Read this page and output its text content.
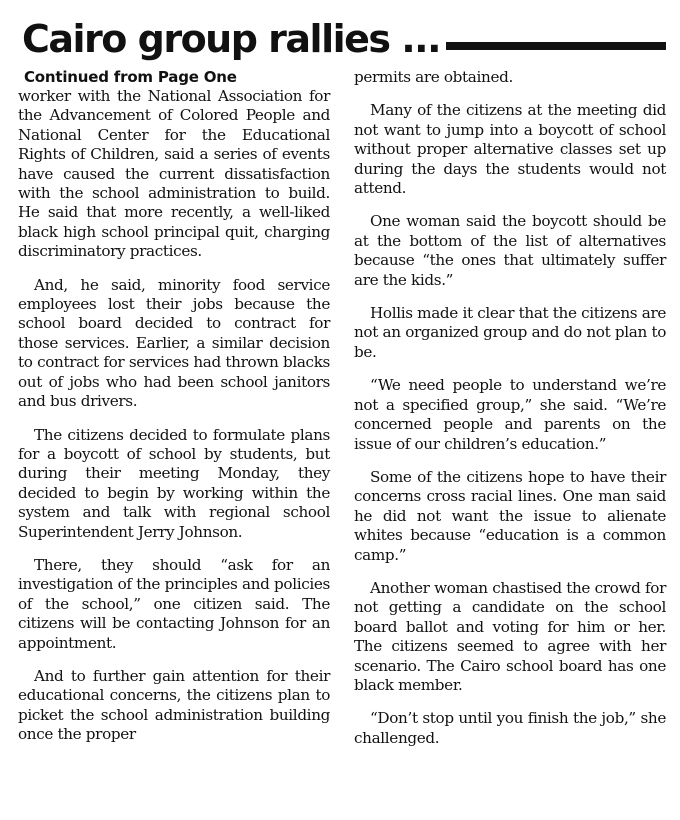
Cairo group rallies ...
Continued from Page One

worker with the National Association for the Advancement of Colored People and National Center for the Educational Rights of Children, said a series of events have caused the current dissatisfaction with the school administration to build. He said that more recently, a well-liked black high school principal quit, charging discriminatory practices.

And, he said, minority food service employees lost their jobs because the school board decided to contract for those services. Earlier, a similar decision to contract for services had thrown blacks out of jobs who had been school janitors and bus drivers.

The citizens decided to formulate plans for a boycott of school by students, but during their meeting Monday, they decided to begin by working within the system and talk with regional school Superintendent Jerry Johnson.

There, they should “ask for an investigation of the principles and policies of the school,” one citizen said. The citizens will be contacting Johnson for an appointment.

And to further gain attention for their educational concerns, the citizens plan to picket the school administration building once the proper

permits are obtained.

Many of the citizens at the meeting did not want to jump into a boycott of school without proper alternative classes set up during the days the students would not attend.

One woman said the boycott should be at the bottom of the list of alternatives because “the ones that ultimately suffer are the kids.”

Hollis made it clear that the citizens are not an organized group and do not plan to be.

“We need people to understand we’re not a specified group,” she said. “We’re concerned people and parents on the issue of our children’s education.”

Some of the citizens hope to have their concerns cross racial lines. One man said he did not want the issue to alienate whites because “education is a common camp.”

Another woman chastised the crowd for not getting a candidate on the school board ballot and voting for him or her. The citizens seemed to agree with her scenario. The Cairo school board has one black member.

“Don’t stop until you finish the job,” she challenged.
